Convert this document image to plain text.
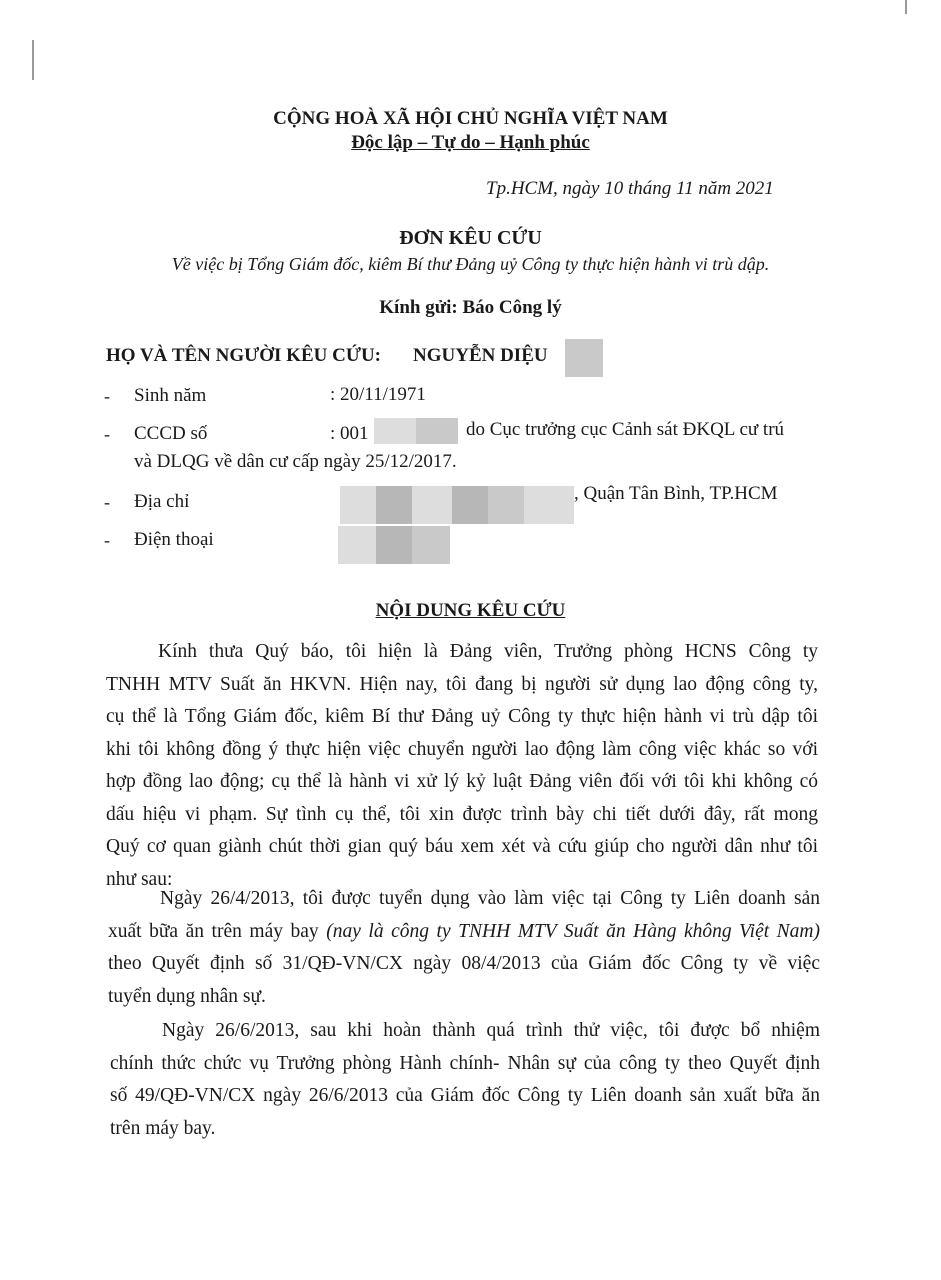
CỘNG HOÀ XÃ HỘI CHỦ NGHĨA VIỆT NAM
Độc lập – Tự do – Hạnh phúc
Tp.HCM, ngày 10 tháng 11 năm 2021
ĐƠN KÊU CỨU
Về việc bị Tổng Giám đốc, kiêm Bí thư Đảng uỷ Công ty thực hiện hành vi trù dập.
Kính gửi: Báo Công lý
HỌ VÀ TÊN NGƯỜI KÊU CỨU: NGUYỄN DIỆU
- Sinh năm	: 20/11/1971
- CCCD số	: 001	do Cục trưởng cục Cảnh sát ĐKQL cư trú
và DLQG về dân cư cấp ngày 25/12/2017.
- Địa chỉ	, Quận Tân Bình, TP.HCM
- Điện thoại
NỘI DUNG KÊU CỨU
Kính thưa Quý báo, tôi hiện là Đảng viên, Trưởng phòng HCNS Công ty
TNHH MTV Suất ăn HKVN. Hiện nay, tôi đang bị người sử dụng lao động công ty,
cụ thể là Tổng Giám đốc, kiêm Bí thư Đảng uỷ Công ty thực hiện hành vi trù dập tôi
khi tôi không đồng ý thực hiện việc chuyển người lao động làm công việc khác so với
hợp đồng lao động; cụ thể là hành vi xử lý kỷ luật Đảng viên đối với tôi khi không có
dấu hiệu vi phạm. Sự tình cụ thể, tôi xin được trình bày chi tiết dưới đây, rất mong
Quý cơ quan giành chút thời gian quý báu xem xét và cứu giúp cho người dân như tôi
như sau:
Ngày 26/4/2013, tôi được tuyển dụng vào làm việc tại Công ty Liên doanh sản
xuất bữa ăn trên máy bay (nay là công ty TNHH MTV Suất ăn Hàng không Việt Nam)
theo Quyết định số 31/QĐ-VN/CX ngày 08/4/2013 của Giám đốc Công ty về việc
tuyển dụng nhân sự.
Ngày 26/6/2013, sau khi hoàn thành quá trình thử việc, tôi được bổ nhiệm
chính thức chức vụ Trưởng phòng Hành chính- Nhân sự của công ty theo Quyết định
số 49/QĐ-VN/CX ngày 26/6/2013 của Giám đốc Công ty Liên doanh sản xuất bữa ăn
trên máy bay.
